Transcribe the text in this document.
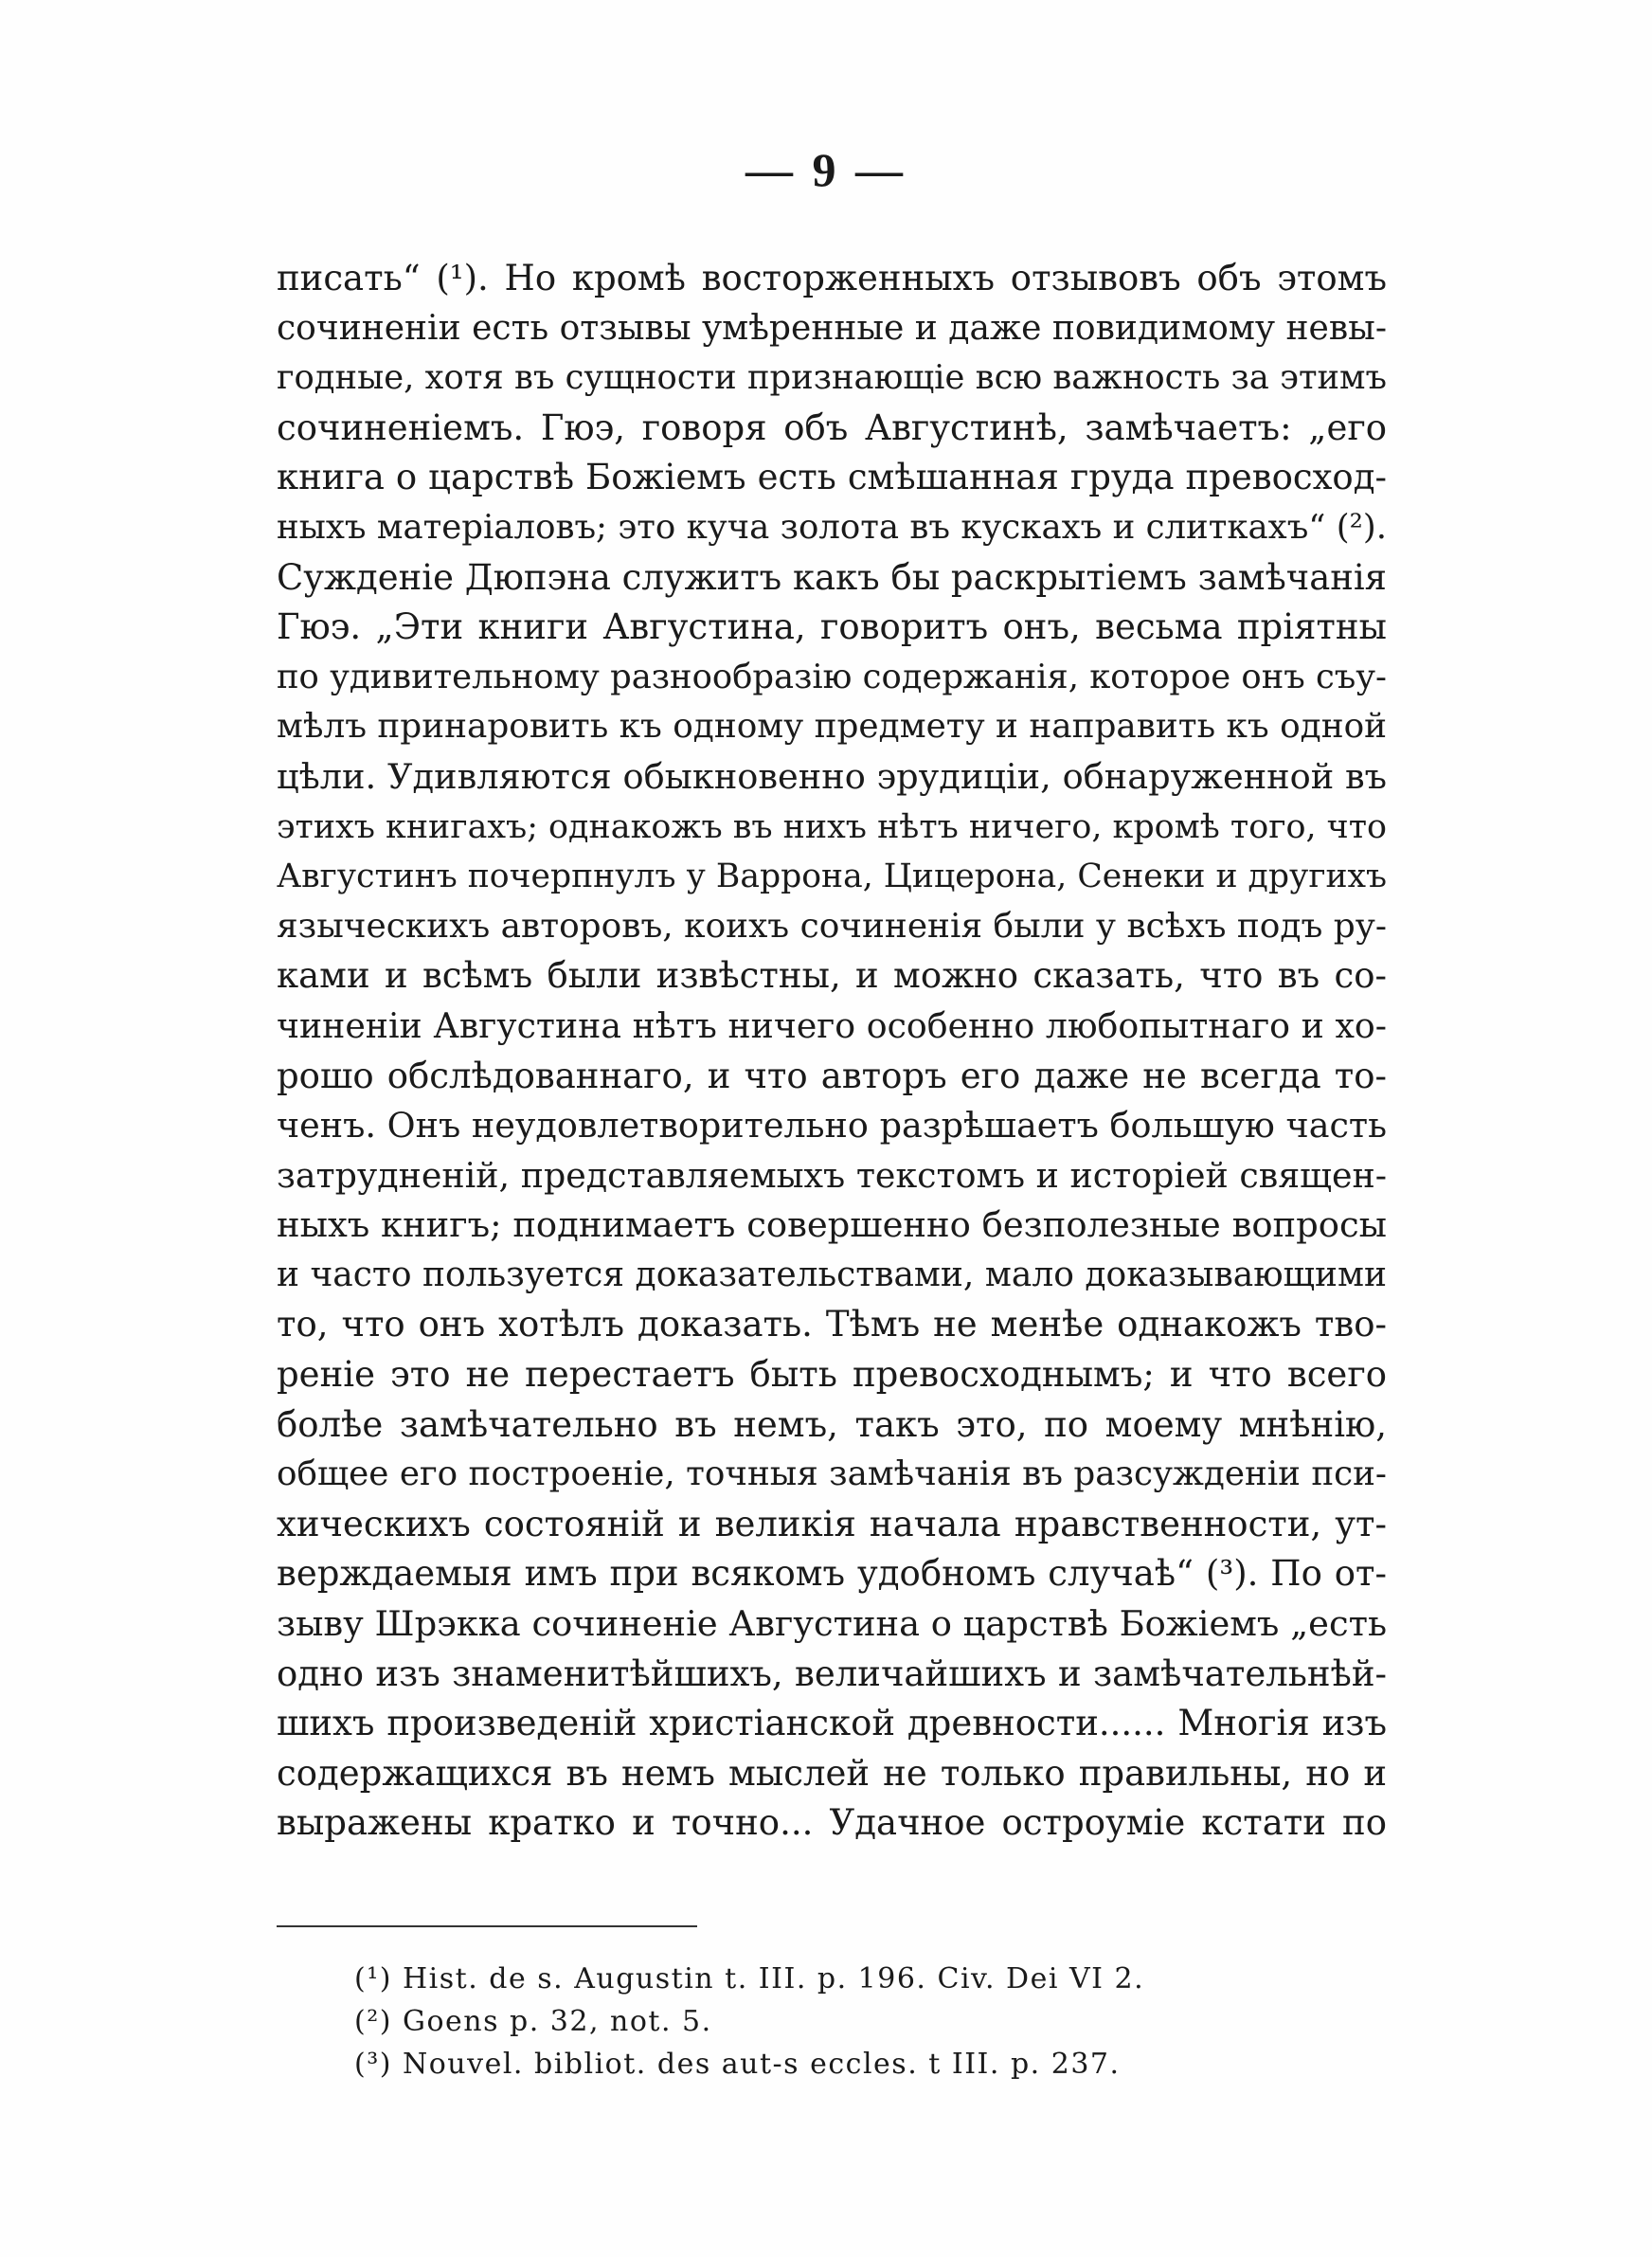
— 9 —
писать“ (¹). Но кромѣ восторженныхъ отзывовъ объ этомъ
сочиненіи есть отзывы умѣренные и даже повидимому невы-
годные, хотя въ сущности признающіе всю важность за этимъ
сочиненіемъ. Гюэ, говоря объ Августинѣ, замѣчаетъ: „его
книга о царствѣ Божіемъ есть смѣшанная груда превосход-
ныхъ матеріаловъ; это куча золота въ кускахъ и слиткахъ“ (²).
Сужденіе Дюпэна служитъ какъ бы раскрытіемъ замѣчанія
Гюэ. „Эти книги Августина, говоритъ онъ, весьма пріятны
по удивительному разнообразію содержанія, которое онъ съу-
мѣлъ принаровить къ одному предмету и направить къ одной
цѣли. Удивляются обыкновенно эрудиціи, обнаруженной въ
этихъ книгахъ; однакожъ въ нихъ нѣтъ ничего, кромѣ того, что
Августинъ почерпнулъ у Варрона, Цицерона, Сенеки и другихъ
языческихъ авторовъ, коихъ сочиненія были у всѣхъ подъ ру-
ками и всѣмъ были извѣстны, и можно сказать, что въ со-
чиненіи Августина нѣтъ ничего особенно любопытнаго и хо-
рошо обслѣдованнаго, и что авторъ его даже не всегда то-
ченъ. Онъ неудовлетворительно разрѣшаетъ большую часть
затрудненій, представляемыхъ текстомъ и исторіей священ-
ныхъ книгъ; поднимаетъ совершенно безполезные вопросы
и часто пользуется доказательствами, мало доказывающими
то, что онъ хотѣлъ доказать. Тѣмъ не менѣе однакожъ тво-
реніе это не перестаетъ быть превосходнымъ; и что всего
болѣе замѣчательно въ немъ, такъ это, по моему мнѣнію,
общее его построеніе, точныя замѣчанія въ разсужденіи пси-
хическихъ состояній и великія начала нравственности, ут-
верждаемыя имъ при всякомъ удобномъ случаѣ“ (³). По от-
зыву Шрэкка сочиненіе Августина о царствѣ Божіемъ „есть
одно изъ знаменитѣйшихъ, величайшихъ и замѣчательнѣй-
шихъ произведеній христіанской древности...... Многія изъ
содержащихся въ немъ мыслей не только правильны, но и
выражены кратко и точно... Удачное остроуміе кстати по
(¹) Hist. de s. Augustin t. III. p. 196. Civ. Dei VI 2.
(²) Goens p. 32, not. 5.
(³) Nouvel. bibliot. des aut-s eccles. t III. p. 237.
